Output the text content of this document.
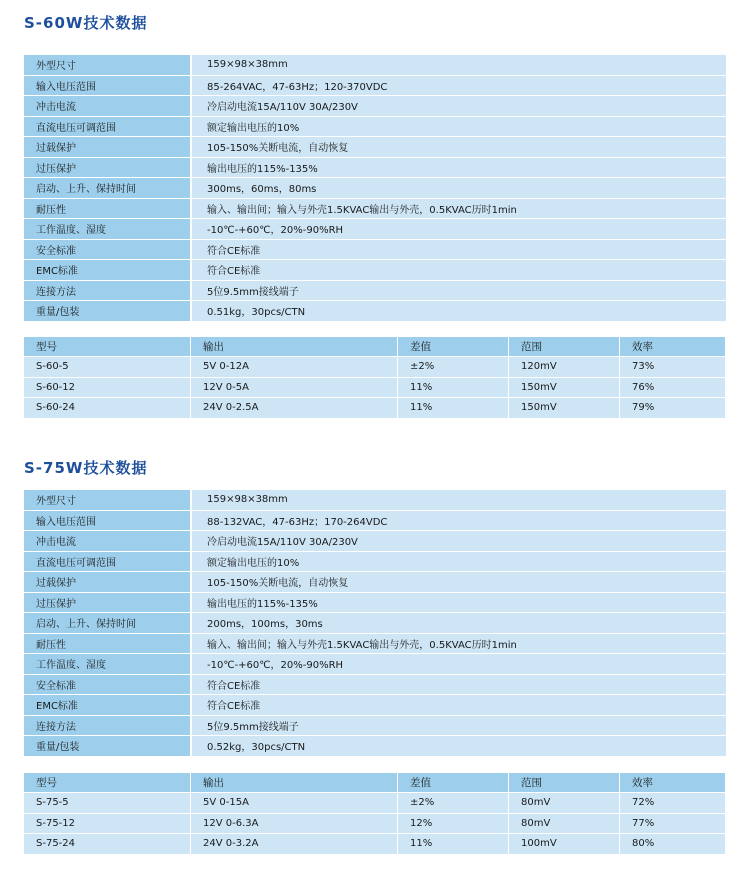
S-60W技术数据
外型尺寸	159×98×38mm
输入电压范围	85-264VAC，47-63Hz；120-370VDC
冲击电流	冷启动电流15A/110V 30A/230V
直流电压可调范围	额定输出电压的10%
过载保护	105-150%关断电流，自动恢复
过压保护	输出电压的115%-135%
启动、上升、保持时间	300ms，60ms，80ms
耐压性	输入、输出间；输入与外壳1.5KVAC输出与外壳，0.5KVAC历时1min
工作温度、湿度	-10℃-+60℃，20%-90%RH
安全标准	符合CE标准
EMC标准	符合CE标准
连接方法	5位9.5mm接线端子
重量/包装	0.51kg，30pcs/CTN
型号	输出	差值	范围	效率
S-60-5	5V 0-12A	±2%	120mV	73%
S-60-12	12V 0-5A	11%	150mV	76%
S-60-24	24V 0-2.5A	11%	150mV	79%
S-75W技术数据
外型尺寸	159×98×38mm
输入电压范围	88-132VAC，47-63Hz；170-264VDC
冲击电流	冷启动电流15A/110V 30A/230V
直流电压可调范围	额定输出电压的10%
过载保护	105-150%关断电流，自动恢复
过压保护	输出电压的115%-135%
启动、上升、保持时间	200ms，100ms，30ms
耐压性	输入、输出间；输入与外壳1.5KVAC输出与外壳，0.5KVAC历时1min
工作温度、湿度	-10℃-+60℃，20%-90%RH
安全标准	符合CE标准
EMC标准	符合CE标准
连接方法	5位9.5mm接线端子
重量/包装	0.52kg，30pcs/CTN
型号	输出	差值	范围	效率
S-75-5	5V 0-15A	±2%	80mV	72%
S-75-12	12V 0-6.3A	12%	80mV	77%
S-75-24	24V 0-3.2A	11%	100mV	80%
